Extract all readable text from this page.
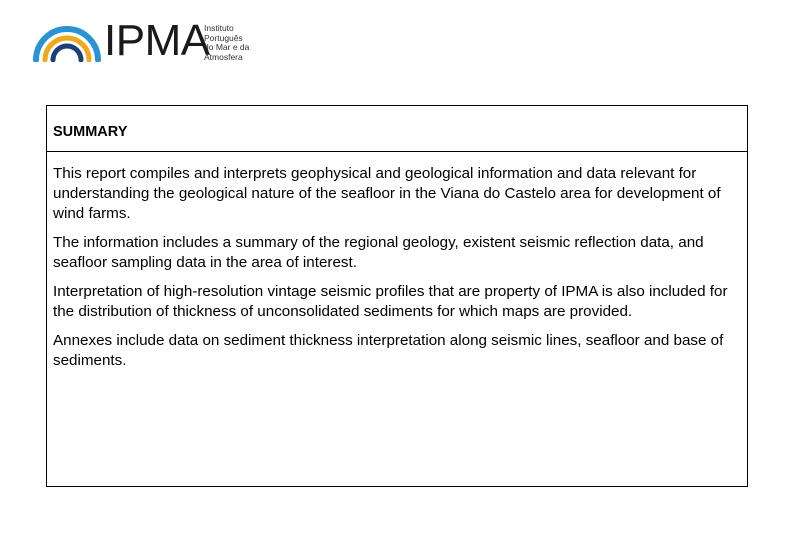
IPMA
Instituto
Português
do Mar e da
Atmosfera
SUMMARY

This report compiles and interprets geophysical and geological information and data relevant for understanding the geological nature of the seafloor in the Viana do Castelo area for development of wind farms.

The information includes a summary of the regional geology, existent seismic reflection data, and seafloor sampling data in the area of interest.

Interpretation of high-resolution vintage seismic profiles that are property of IPMA is also included for the distribution of thickness of unconsolidated sediments for which maps are provided.

Annexes include data on sediment thickness interpretation along seismic lines, seafloor and base of sediments.
